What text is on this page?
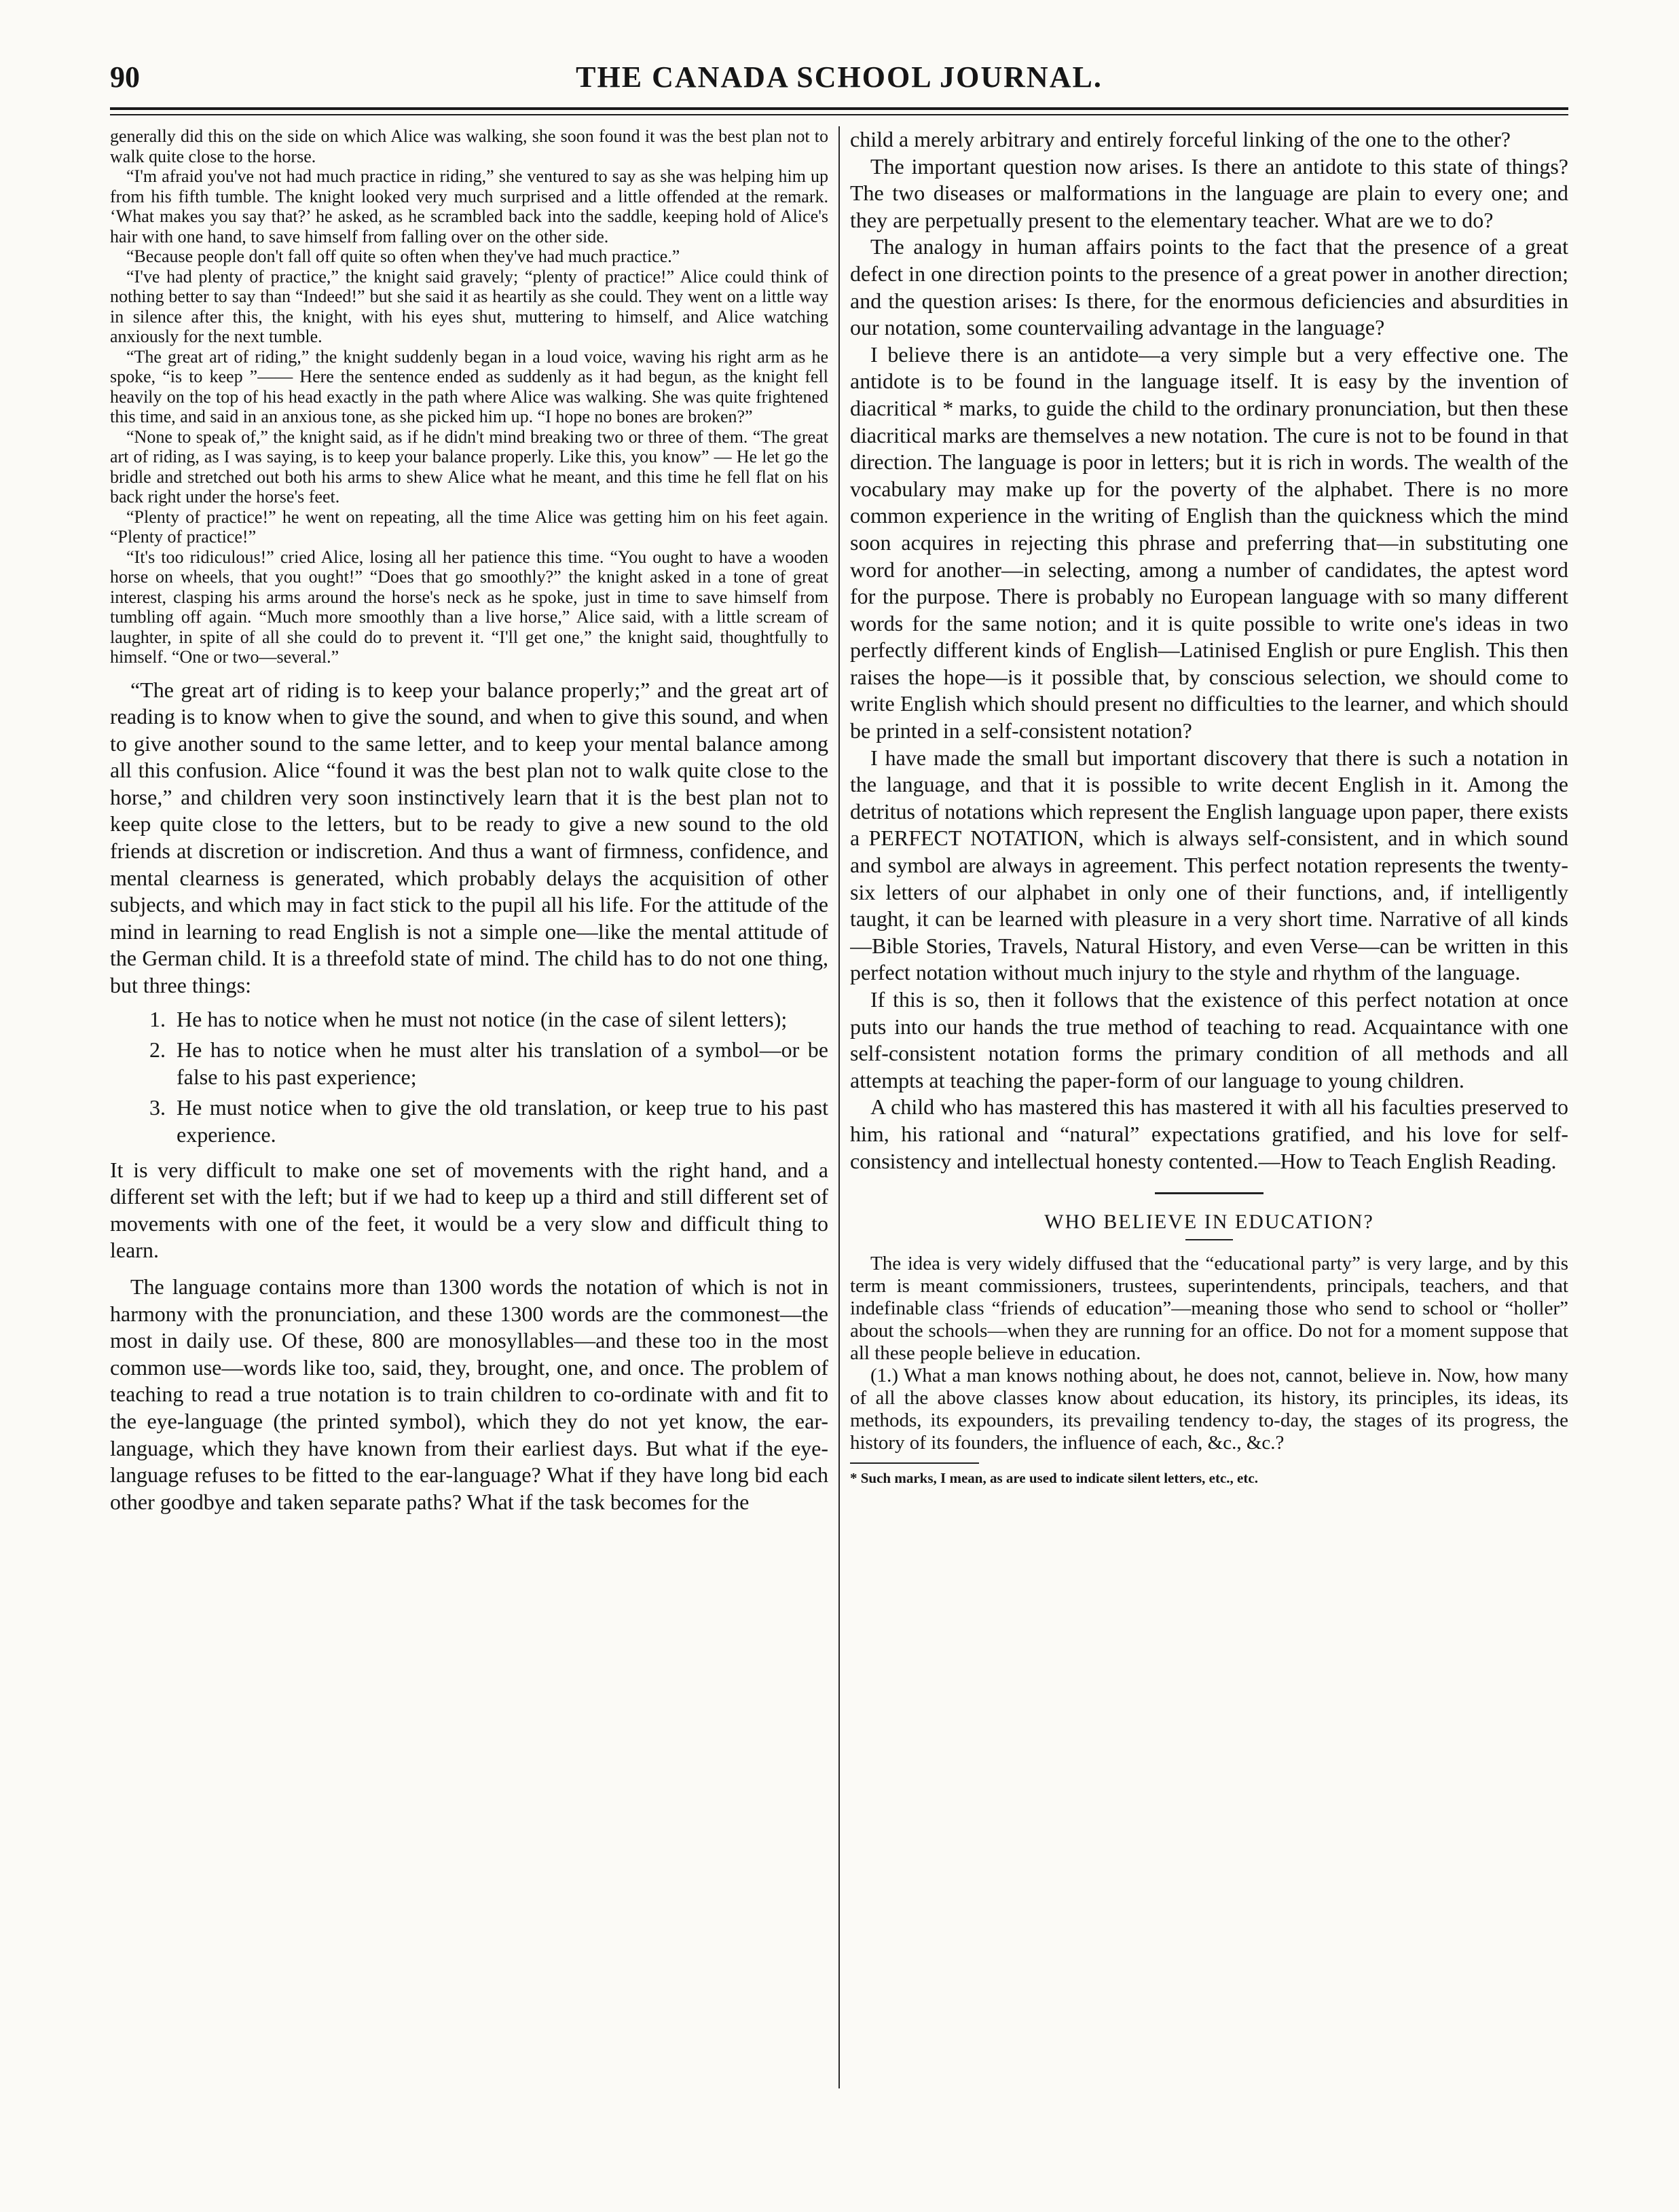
90	THE CANADA SCHOOL JOURNAL.

generally did this on the side on which Alice was walking, she soon found it was the best plan not to walk quite close to the horse.

“I'm afraid you've not had much practice in riding,” she ventured to say as she was helping him up from his fifth tumble. The knight looked very much surprised and a little offended at the remark. ‘What makes you say that?’ he asked, as he scrambled back into the saddle, keeping hold of Alice's hair with one hand, to save himself from falling over on the other side.

“Because people don't fall off quite so often when they've had much practice.”

“I've had plenty of practice,” the knight said gravely; “plenty of practice!” Alice could think of nothing better to say than “Indeed!” but she said it as heartily as she could. They went on a little way in silence after this, the knight, with his eyes shut, muttering to himself, and Alice watching anxiously for the next tumble.

“The great art of riding,” the knight suddenly began in a loud voice, waving his right arm as he spoke, “is to keep ”—— Here the sentence ended as suddenly as it had begun, as the knight fell heavily on the top of his head exactly in the path where Alice was walking. She was quite frightened this time, and said in an anxious tone, as she picked him up. “I hope no bones are broken?”

“None to speak of,” the knight said, as if he didn't mind breaking two or three of them. “The great art of riding, as I was saying, is to keep your balance properly. Like this, you know” — He let go the bridle and stretched out both his arms to shew Alice what he meant, and this time he fell flat on his back right under the horse's feet.

“Plenty of practice!” he went on repeating, all the time Alice was getting him on his feet again. “Plenty of practice!”

“It's too ridiculous!” cried Alice, losing all her patience this time. “You ought to have a wooden horse on wheels, that you ought!” “Does that go smoothly?” the knight asked in a tone of great interest, clasping his arms around the horse's neck as he spoke, just in time to save himself from tumbling off again. “Much more smoothly than a live horse,” Alice said, with a little scream of laughter, in spite of all she could do to prevent it. “I'll get one,” the knight said, thoughtfully to himself. “One or two—several.”

“The great art of riding is to keep your balance properly;” and the great art of reading is to know when to give the sound, and when to give this sound, and when to give another sound to the same letter, and to keep your mental balance among all this confusion. Alice “found it was the best plan not to walk quite close to the horse,” and children very soon instinctively learn that it is the best plan not to keep quite close to the letters, but to be ready to give a new sound to the old friends at discretion or indiscretion. And thus a want of firmness, confidence, and mental clearness is generated, which probably delays the acquisition of other subjects, and which may in fact stick to the pupil all his life. For the attitude of the mind in learning to read English is not a simple one—like the mental attitude of the German child. It is a threefold state of mind. The child has to do not one thing, but three things:

1. He has to notice when he must not notice (in the case of silent letters);
2. He has to notice when he must alter his translation of a symbol—or be false to his past experience;
3. He must notice when to give the old translation, or keep true to his past experience.

It is very difficult to make one set of movements with the right hand, and a different set with the left; but if we had to keep up a third and still different set of movements with one of the feet, it would be a very slow and difficult thing to learn.

The language contains more than 1300 words the notation of which is not in harmony with the pronunciation, and these 1300 words are the commonest—the most in daily use. Of these, 800 are monosyllables—and these too in the most common use—words like too, said, they, brought, one, and once. The problem of teaching to read a true notation is to train children to co-ordinate with and fit to the eye-language (the printed symbol), which they do not yet know, the ear-language, which they have known from their earliest days. But what if the eye-language refuses to be fitted to the ear-language? What if they have long bid each other goodbye and taken separate paths? What if the task becomes for the

child a merely arbitrary and entirely forceful linking of the one to the other?

The important question now arises. Is there an antidote to this state of things? The two diseases or malformations in the language are plain to every one; and they are perpetually present to the elementary teacher. What are we to do?

The analogy in human affairs points to the fact that the presence of a great defect in one direction points to the presence of a great power in another direction; and the question arises: Is there, for the enormous deficiencies and absurdities in our notation, some countervailing advantage in the language?

I believe there is an antidote—a very simple but a very effective one. The antidote is to be found in the language itself. It is easy by the invention of diacritical * marks, to guide the child to the ordinary pronunciation, but then these diacritical marks are themselves a new notation. The cure is not to be found in that direction. The language is poor in letters; but it is rich in words. The wealth of the vocabulary may make up for the poverty of the alphabet. There is no more common experience in the writing of English than the quickness which the mind soon acquires in rejecting this phrase and preferring that—in substituting one word for another—in selecting, among a number of candidates, the aptest word for the purpose. There is probably no European language with so many different words for the same notion; and it is quite possible to write one's ideas in two perfectly different kinds of English—Latinised English or pure English. This then raises the hope—is it possible that, by conscious selection, we should come to write English which should present no difficulties to the learner, and which should be printed in a self-consistent notation?

I have made the small but important discovery that there is such a notation in the language, and that it is possible to write decent English in it. Among the detritus of notations which represent the English language upon paper, there exists a PERFECT NOTATION, which is always self-consistent, and in which sound and symbol are always in agreement. This perfect notation represents the twenty-six letters of our alphabet in only one of their functions, and, if intelligently taught, it can be learned with pleasure in a very short time. Narrative of all kinds—Bible Stories, Travels, Natural History, and even Verse—can be written in this perfect notation without much injury to the style and rhythm of the language.

If this is so, then it follows that the existence of this perfect notation at once puts into our hands the true method of teaching to read. Acquaintance with one self-consistent notation forms the primary condition of all methods and all attempts at teaching the paper-form of our language to young children.

A child who has mastered this has mastered it with all his faculties preserved to him, his rational and “natural” expectations gratified, and his love for self-consistency and intellectual honesty contented.—How to Teach English Reading.

WHO BELIEVE IN EDUCATION?

The idea is very widely diffused that the “educational party” is very large, and by this term is meant commissioners, trustees, superintendents, principals, teachers, and that indefinable class “friends of education”—meaning those who send to school or “holler” about the schools—when they are running for an office. Do not for a moment suppose that all these people believe in education.

(1.) What a man knows nothing about, he does not, cannot, believe in. Now, how many of all the above classes know about education, its history, its principles, its ideas, its methods, its expounders, its prevailing tendency to-day, the stages of its progress, the history of its founders, the influence of each, &c., &c.?

* Such marks, I mean, as are used to indicate silent letters, etc., etc.
